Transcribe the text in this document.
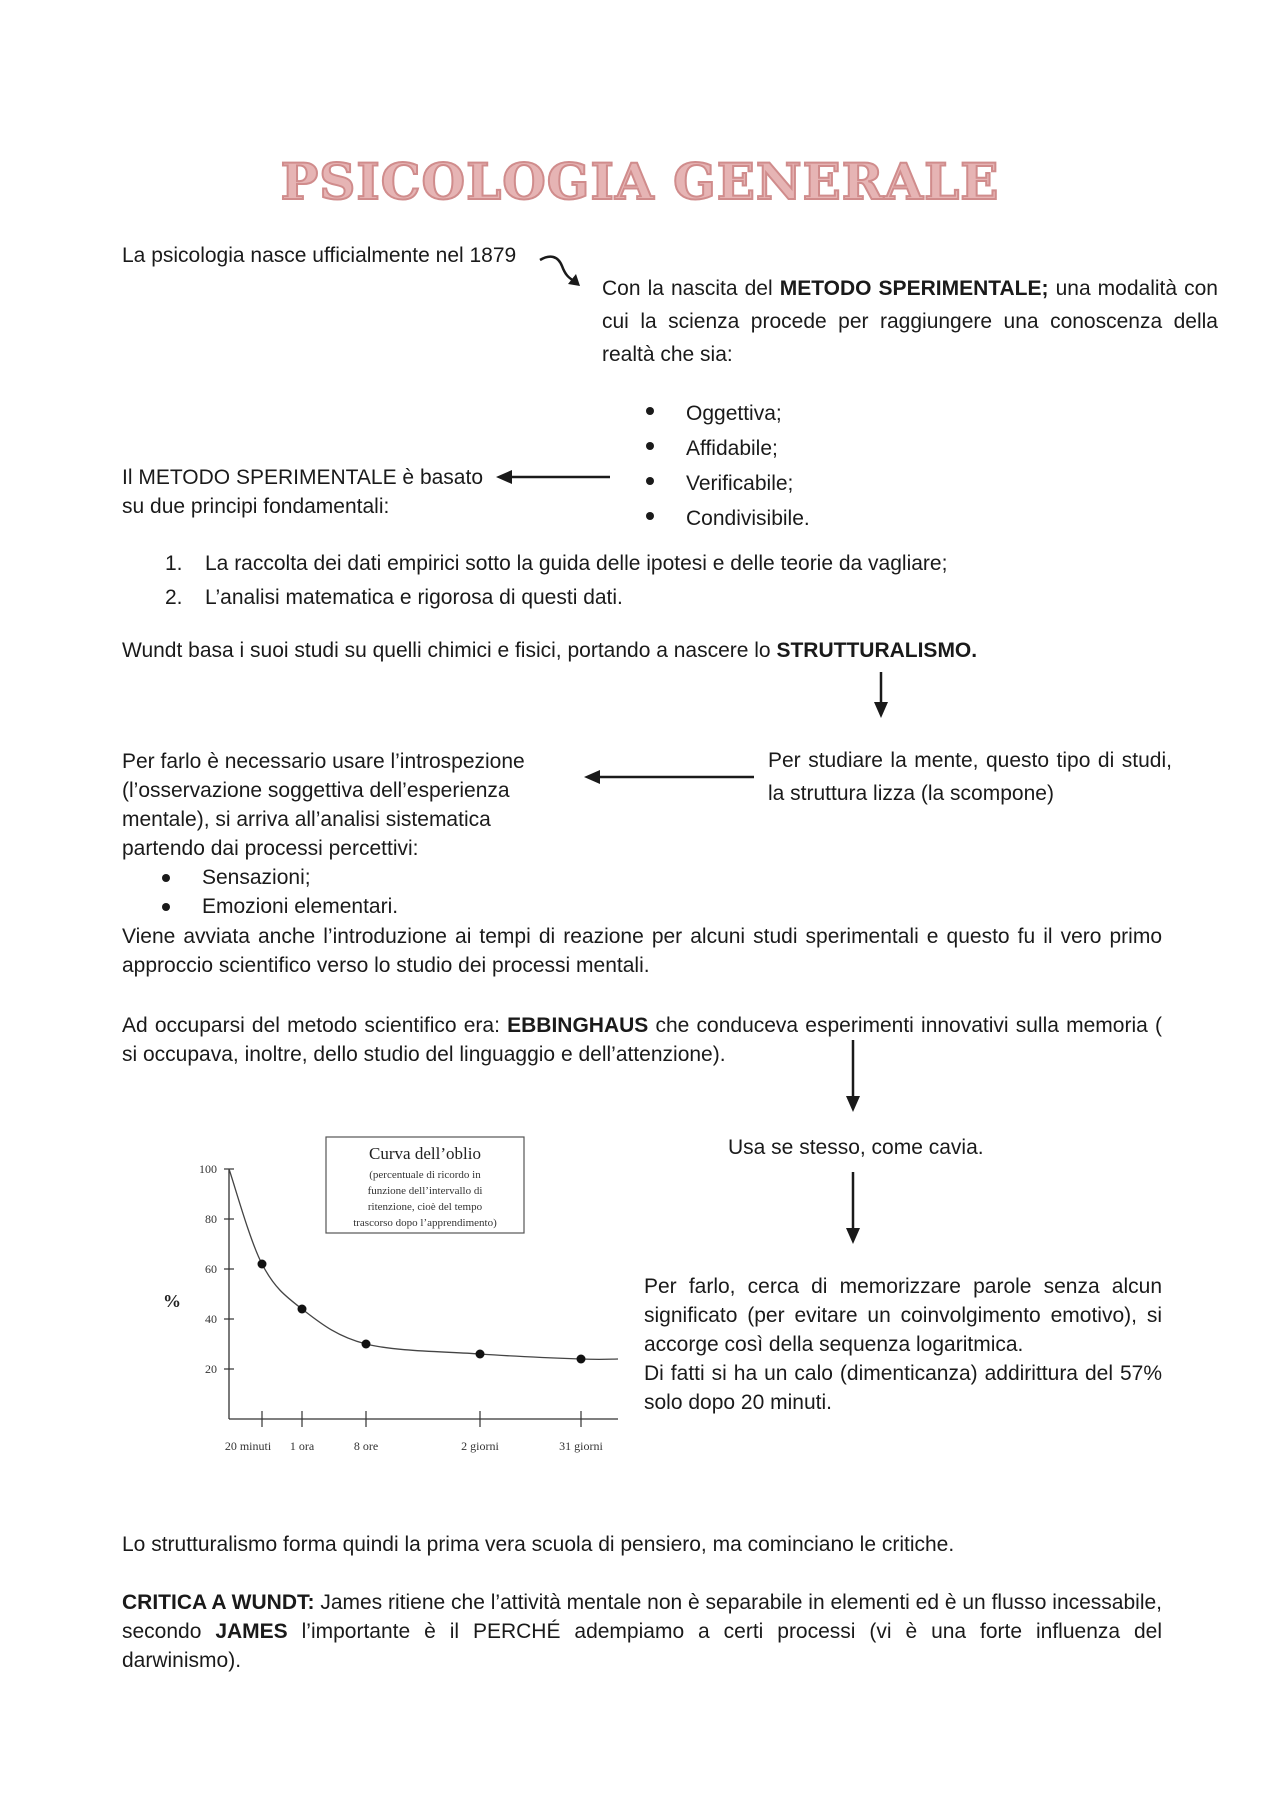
PSICOLOGIA GENERALE
La psicologia nasce ufficialmente nel 1879
Con la nascita del METODO SPERIMENTALE; una modalità con cui la scienza procede per raggiungere una conoscenza della realtà che sia:
Oggettiva;
Affidabile;
Verificabile;
Condivisibile.
Il METODO SPERIMENTALE è basato su due principi fondamentali:
1. La raccolta dei dati empirici sotto la guida delle ipotesi e delle teorie da vagliare;
2. L’analisi matematica e rigorosa di questi dati.
Wundt basa i suoi studi su quelli chimici e fisici, portando a nascere lo STRUTTURALISMO.
Per studiare la mente, questo tipo di studi, la struttura lizza (la scompone)
Per farlo è necessario usare l’introspezione (l’osservazione soggettiva dell’esperienza mentale), si arriva all’analisi sistematica partendo dai processi percettivi:
Sensazioni;
Emozioni elementari.
Viene avviata anche l’introduzione ai tempi di reazione per alcuni studi sperimentali e questo fu il vero primo approccio scientifico verso lo studio dei processi mentali.
Ad occuparsi del metodo scientifico era: EBBINGHAUS che conduceva esperimenti innovativi sulla memoria ( si occupava, inoltre, dello studio del linguaggio e dell’attenzione).
Usa se stesso, come cavia.
Per farlo, cerca di memorizzare parole senza alcun significato (per evitare un coinvolgimento emotivo), si accorge così della sequenza logaritmica.
Di fatti si ha un calo (dimenticanza) addirittura del 57% solo dopo 20 minuti.
Curva dell’oblio
(percentuale di ricordo in
funzione dell’intervallo di
ritenzione, cioè del tempo
trascorso dopo l’apprendimento)
%
100
80
60
40
20
20 minuti 1 ora	8 ore	2 giorni	31 giorni
Lo strutturalismo forma quindi la prima vera scuola di pensiero, ma cominciano le critiche.
CRITICA A WUNDT: James ritiene che l’attività mentale non è separabile in elementi ed è un flusso incessabile, secondo JAMES l’importante è il PERCHÉ adempiamo a certi processi (vi è una forte influenza del darwinismo).
